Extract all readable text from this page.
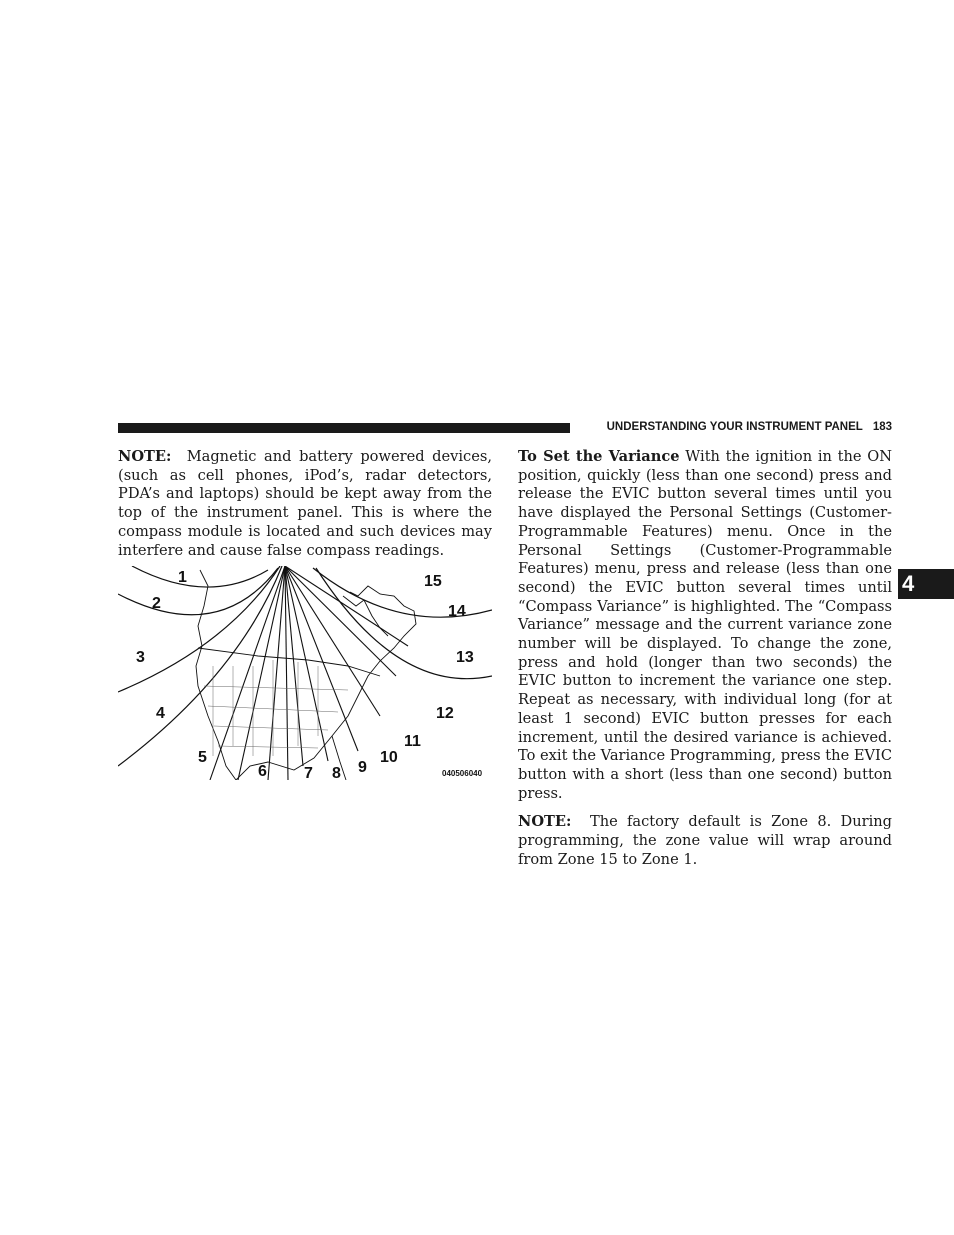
UNDERSTANDING YOUR INSTRUMENT PANEL 183

NOTE: Magnetic and battery powered devices, (such as cell phones, iPod’s, radar detectors, PDA’s and laptops) should be kept away from the top of the instrument panel. This is where the compass module is located and such devices may interfere and cause false compass readings.

1
2
3
4
5
6 7 8 9
10
11
12
13
14
15
040506040

To Set the Variance With the ignition in the ON position, quickly (less than one second) press and release the EVIC button several times until you have displayed the Personal Settings (Customer-Programmable Features) menu. Once in the Personal Settings (Customer-Programmable Features) menu, press and release (less than one second) the EVIC button several times until “Compass Variance” is highlighted. The “Compass Variance” message and the current variance zone number will be displayed. To change the zone, press and hold (longer than two seconds) the EVIC button to increment the variance one step. Repeat as necessary, with individual long (for at least 1 second) EVIC button presses for each increment, until the desired variance is achieved. To exit the Variance Programming, press the EVIC button with a short (less than one second) button press.

NOTE: The factory default is Zone 8. During programming, the zone value will wrap around from Zone 15 to Zone 1.

4
